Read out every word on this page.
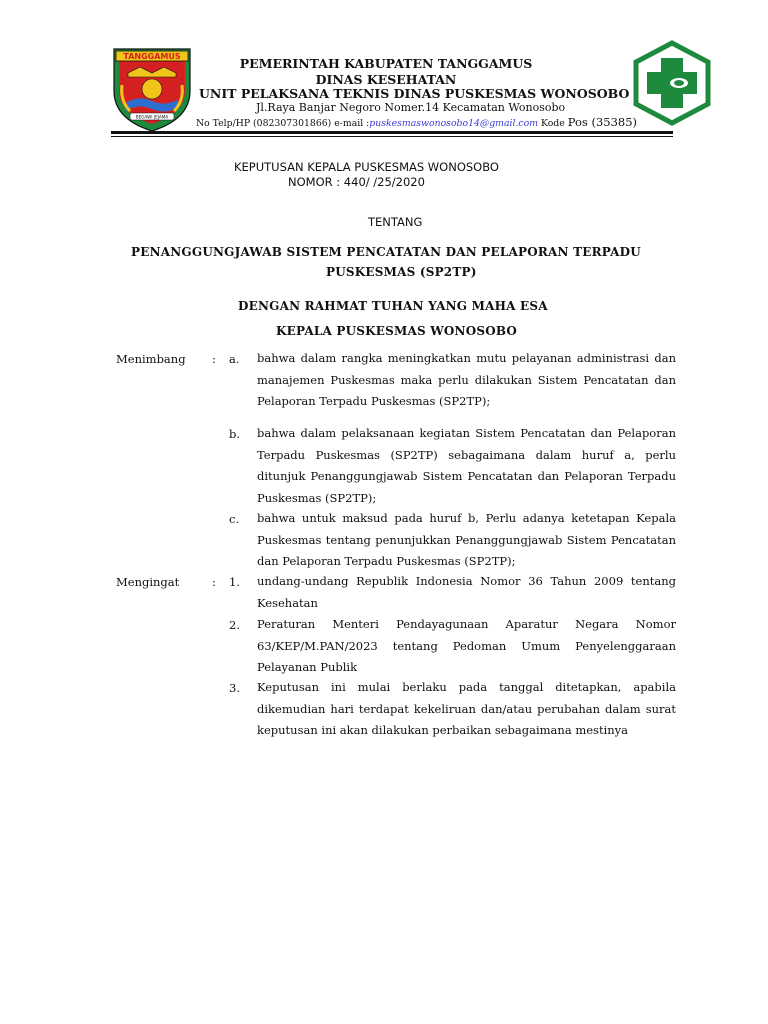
TANGGAMUS
BEGAWI JEJAMA
PEMERINTAH KABUPATEN TANGGAMUS
DINAS KESEHATAN
UNIT PELAKSANA TEKNIS DINAS PUSKESMAS WONOSOBO
Jl.Raya Banjar Negoro Nomer.14 Kecamatan Wonosobo
No Telp/HP (082307301866) e-mail :puskesmaswonosobo14@gmail.com Kode Pos (35385)
KEPUTUSAN KEPALA PUSKESMAS WONOSOBO
NOMOR : 440/ /25/2020
TENTANG
PENANGGUNGJAWAB SISTEM PENCATATAN DAN PELAPORAN TERPADU
PUSKESMAS (SP2TP)
DENGAN RAHMAT TUHAN YANG MAHA ESA
KEPALA PUSKESMAS WONOSOBO
Menimbang : a. bahwa dalam rangka meningkatkan mutu pelayanan administrasi dan manajemen Puskesmas maka perlu dilakukan Sistem Pencatatan dan Pelaporan Terpadu Puskesmas (SP2TP);

b. bahwa dalam pelaksanaan kegiatan Sistem Pencatatan dan Pelaporan Terpadu Puskesmas (SP2TP) sebagaimana dalam huruf a, perlu ditunjuk Penanggungjawab Sistem Pencatatan dan Pelaporan Terpadu Puskesmas (SP2TP);

c. bahwa untuk maksud pada huruf b, Perlu adanya ketetapan Kepala Puskesmas tentang penunjukkan Penanggungjawab Sistem Pencatatan dan Pelaporan Terpadu Puskesmas (SP2TP);

Mengingat	: 1. undang-undang Republik Indonesia Nomor 36 Tahun 2009 tentang Kesehatan

2. Peraturan Menteri Pendayagunaan Aparatur Negara Nomor 63/KEP/M.PAN/2023 tentang Pedoman Umum Penyelenggaraan Pelayanan Publik

3. Keputusan ini mulai berlaku pada tanggal ditetapkan, apabila dikemudian hari terdapat kekeliruan dan/atau perubahan dalam surat keputusan ini akan dilakukan perbaikan sebagaimana mestinya
